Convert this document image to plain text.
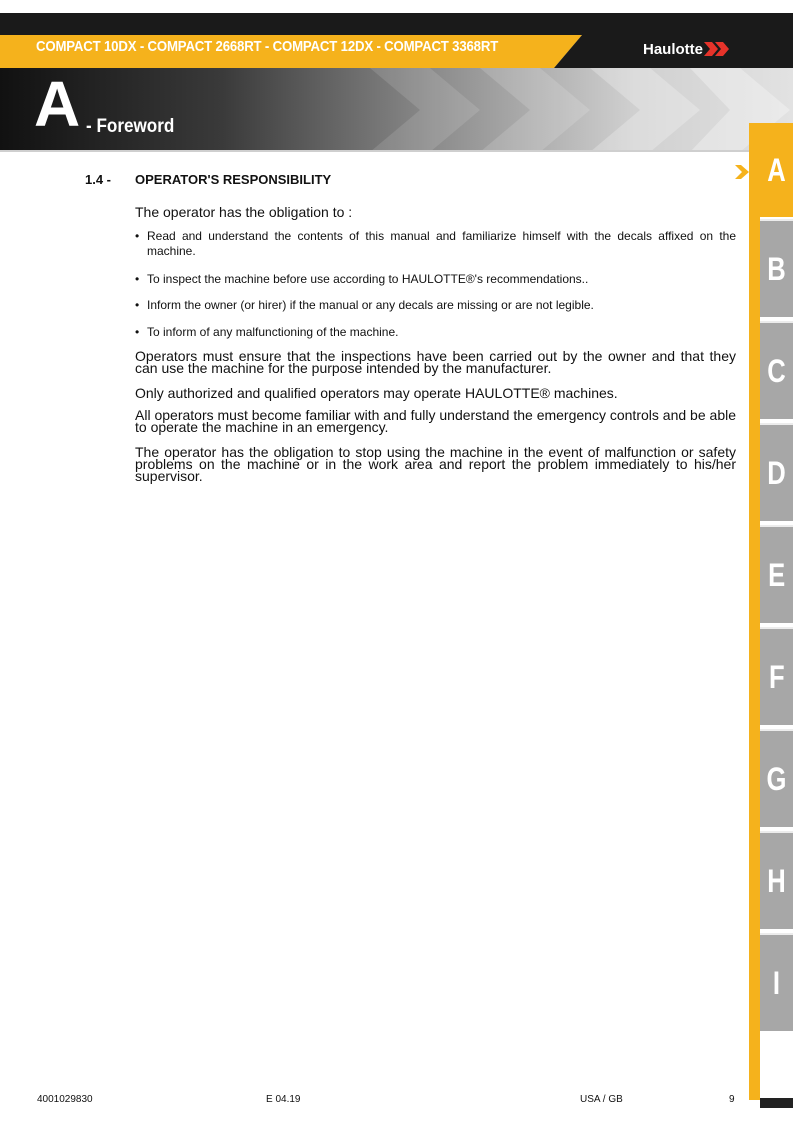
COMPACT 10DX - COMPACT 2668RT - COMPACT 12DX - COMPACT 3368RT	Haulotte
A - Foreword
A
B
C
D
E
F
G
H
I
1.4 - OPERATOR'S RESPONSIBILITY
The operator has the obligation to :
• Read and understand the contents of this manual and familiarize himself with the decals affixed on the machine.
• To inspect the machine before use according to HAULOTTE®'s recommendations..
• Inform the owner (or hirer) if the manual or any decals are missing or are not legible.
• To inform of any malfunctioning of the machine.
Operators must ensure that the inspections have been carried out by the owner and that they can use the machine for the purpose intended by the manufacturer.
Only authorized and qualified operators may operate HAULOTTE® machines.
All operators must become familiar with and fully understand the emergency controls and be able to operate the machine in an emergency.
The operator has the obligation to stop using the machine in the event of malfunction or safety problems on the machine or in the work area and report the problem immediately to his/her supervisor.
4001029830	E 04.19	USA / GB	9
